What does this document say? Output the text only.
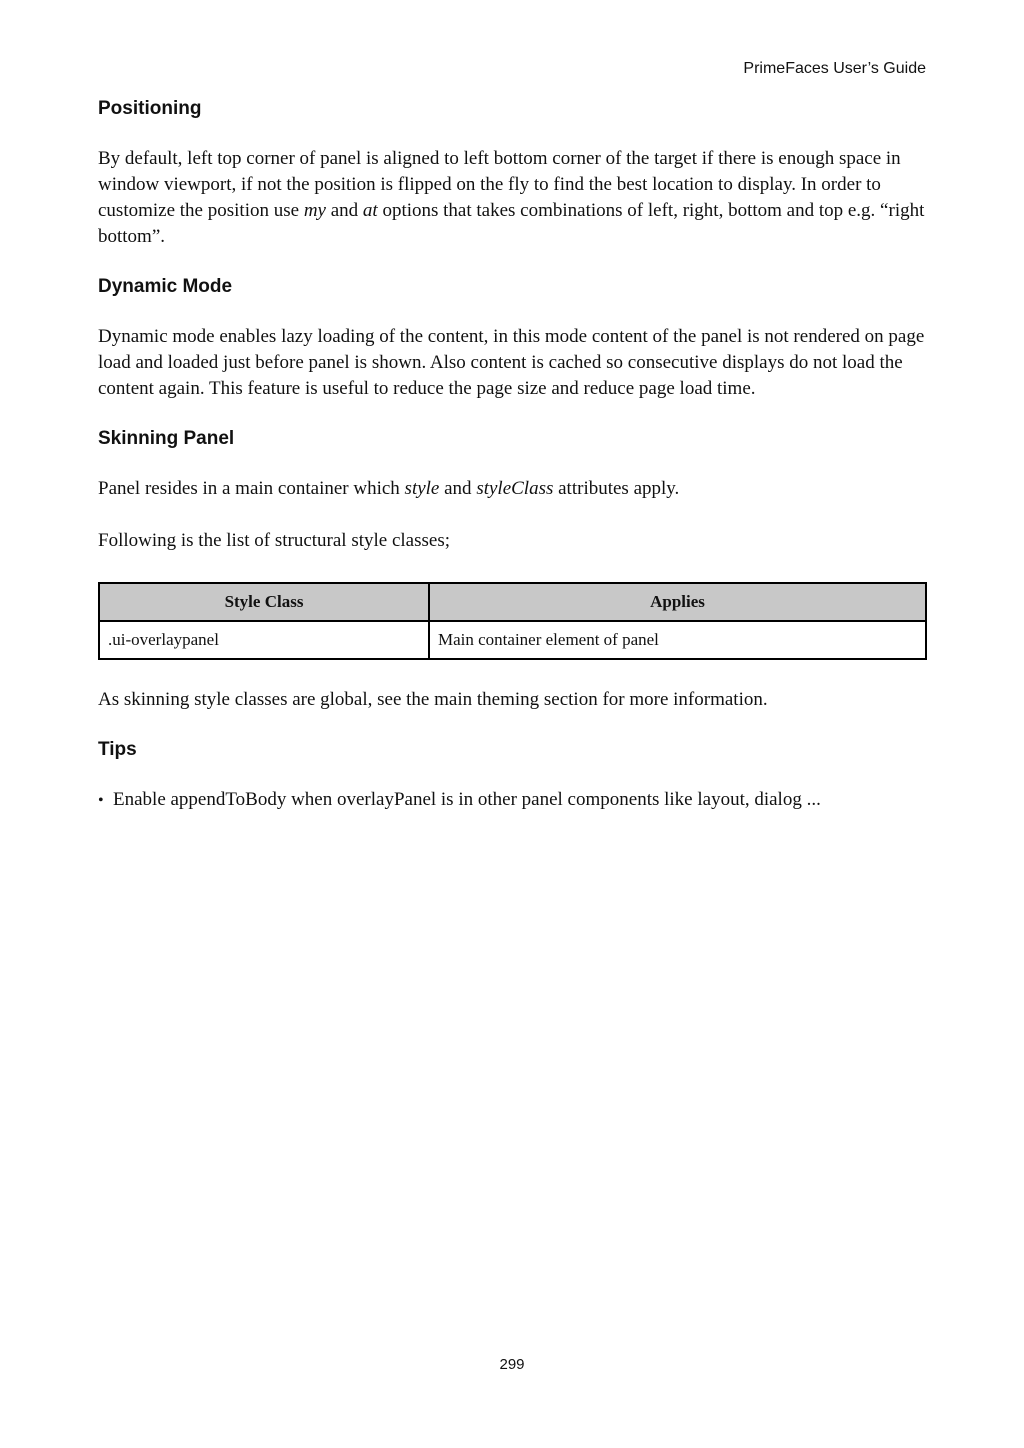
PrimeFaces User’s Guide
Positioning

By default, left top corner of panel is aligned to left bottom corner of the target if there is enough space in window viewport, if not the position is flipped on the fly to find the best location to display. In order to customize the position use my and at options that takes combinations of left, right, bottom and top e.g. “right bottom”.

Dynamic Mode

Dynamic mode enables lazy loading of the content, in this mode content of the panel is not rendered on page load and loaded just before panel is shown. Also content is cached so consecutive displays do not load the content again. This feature is useful to reduce the page size and reduce page load time.

Skinning Panel

Panel resides in a main container which style and styleClass attributes apply.

Following is the list of structural style classes;

Style Class	Applies
.ui-overlaypanel	Main container element of panel

As skinning style classes are global, see the main theming section for more information.

Tips
• Enable appendToBody when overlayPanel is in other panel components like layout, dialog ...

299
